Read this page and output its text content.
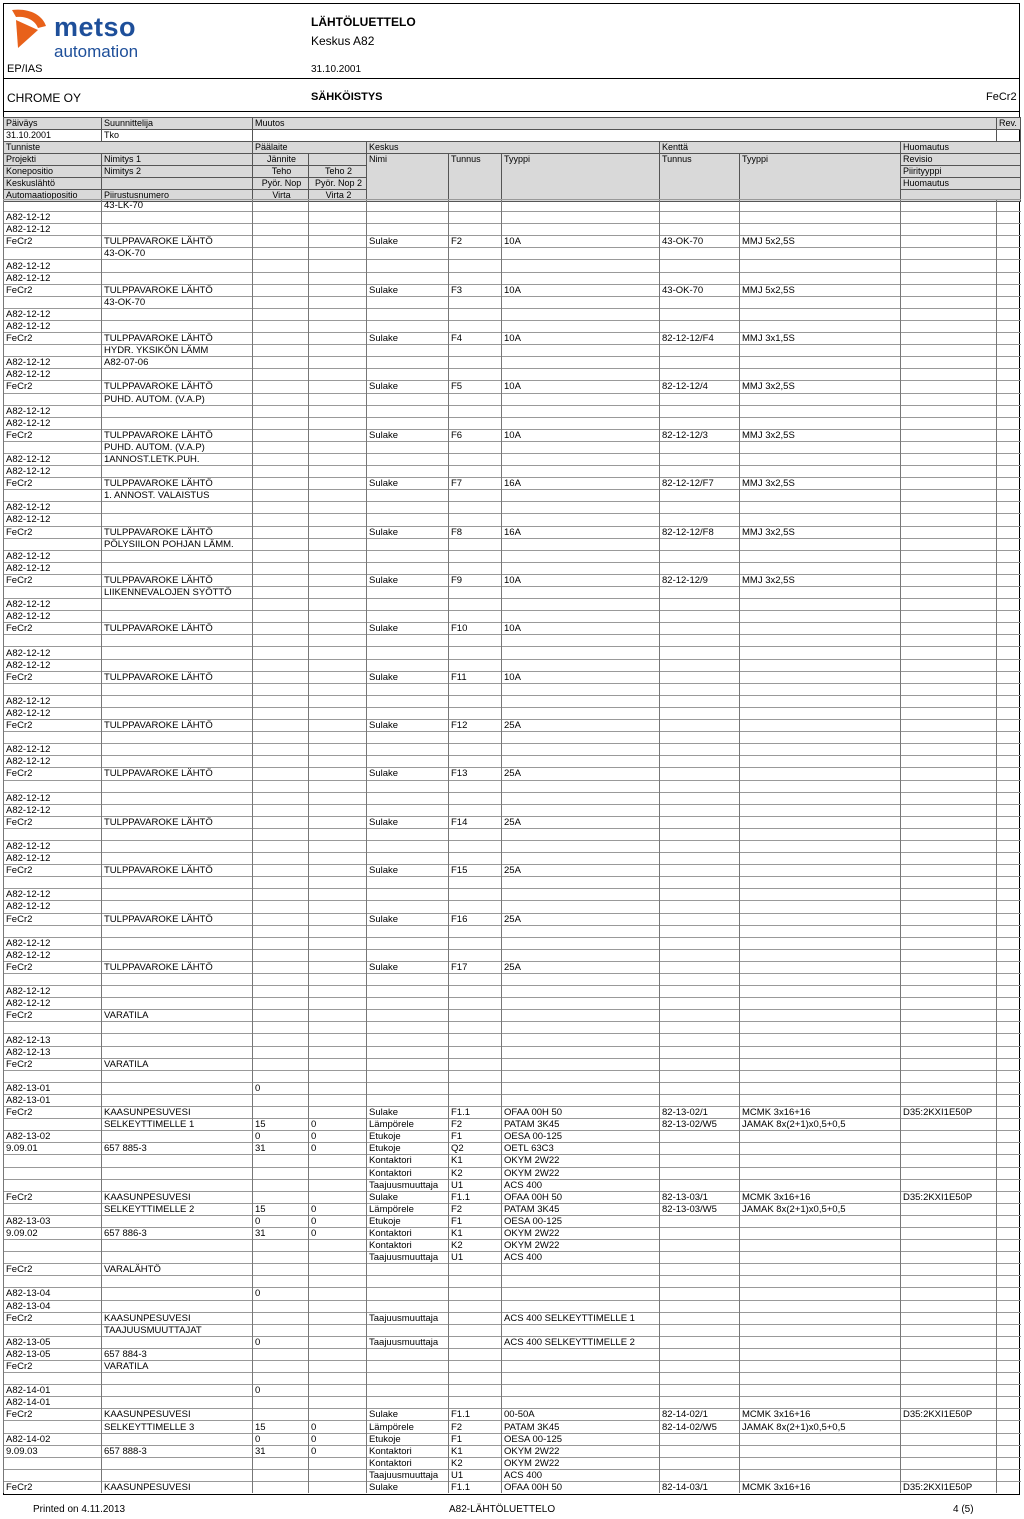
metso
automation
LÄHTÖLUETTELO
Keskus A82
EP/IAS	31.10.2001
CHROME OY	SÄHKÖISTYS	FeCr2
Päiväys	Suunnittelija	Muutos								Rev.
31.10.2001	Tko									
Tunniste		Päälaite		Keskus			Kenttä		Huomautus	
Projekti	Nimitys 1	Jännite		Nimi	Tunnus	Tyyppi	Tunnus	Tyyppi	Revisio	
Konepositio	Nimitys 2	Teho	Teho 2						Piirityyppi	
Keskuslähtö		Pyör. Nop	Pyör. Nop 2						Huomautus	
Automaatiopositio	Piirustusnumero	Virta	Virta 2							
	43-LK-70									
A82-12-12										
A82-12-12										
FeCr2	TULPPAVAROKE LÄHTÖ			Sulake	F2	10A	43-OK-70	MMJ 5x2,5S		
	43-OK-70									
A82-12-12										
A82-12-12										
FeCr2	TULPPAVAROKE LÄHTÖ			Sulake	F3	10A	43-OK-70	MMJ 5x2,5S		
	43-OK-70									
A82-12-12										
A82-12-12										
FeCr2	TULPPAVAROKE LÄHTÖ			Sulake	F4	10A	82-12-12/F4	MMJ 3x1,5S		
	HYDR. YKSIKÖN LÄMM									
A82-12-12	A82-07-06									
A82-12-12										
FeCr2	TULPPAVAROKE LÄHTÖ			Sulake	F5	10A	82-12-12/4	MMJ 3x2,5S		
	PUHD. AUTOM. (V.A.P)									
A82-12-12										
A82-12-12										
FeCr2	TULPPAVAROKE LÄHTÖ			Sulake	F6	10A	82-12-12/3	MMJ 3x2,5S		
	PUHD. AUTOM. (V.A.P)									
A82-12-12	1ANNOST.LETK.PUH.									
A82-12-12										
FeCr2	TULPPAVAROKE LÄHTÖ			Sulake	F7	16A	82-12-12/F7	MMJ 3x2,5S		
	1. ANNOST. VALAISTUS									
A82-12-12										
A82-12-12										
FeCr2	TULPPAVAROKE LÄHTÖ			Sulake	F8	16A	82-12-12/F8	MMJ 3x2,5S		
	PÖLYSIILON POHJAN LÄMM.									
A82-12-12										
A82-12-12										
FeCr2	TULPPAVAROKE LÄHTÖ			Sulake	F9	10A	82-12-12/9	MMJ 3x2,5S		
	LIIKENNEVALOJEN SYÖTTÖ									
A82-12-12										
A82-12-12										
FeCr2	TULPPAVAROKE LÄHTÖ			Sulake	F10	10A				

A82-12-12										
A82-12-12										
FeCr2	TULPPAVAROKE LÄHTÖ			Sulake	F11	10A				

A82-12-12										
A82-12-12										
FeCr2	TULPPAVAROKE LÄHTÖ			Sulake	F12	25A				

A82-12-12										
A82-12-12										
FeCr2	TULPPAVAROKE LÄHTÖ			Sulake	F13	25A				

A82-12-12										
A82-12-12										
FeCr2	TULPPAVAROKE LÄHTÖ			Sulake	F14	25A				

A82-12-12										
A82-12-12										
FeCr2	TULPPAVAROKE LÄHTÖ			Sulake	F15	25A				

A82-12-12										
A82-12-12										
FeCr2	TULPPAVAROKE LÄHTÖ			Sulake	F16	25A				

A82-12-12										
A82-12-12										
FeCr2	TULPPAVAROKE LÄHTÖ			Sulake	F17	25A				

A82-12-12										
A82-12-12										
FeCr2	VARATILA									

A82-12-13										
A82-12-13										
FeCr2	VARATILA									

A82-13-01		0								
A82-13-01										
FeCr2	KAASUNPESUVESI			Sulake	F1.1	OFAA 00H 50	82-13-02/1	MCMK 3x16+16	D35:2KXI1E50P	
	SELKEYTTIMELLE 1	15	0	Lämpörele	F2	PATAM 3K45	82-13-02/W5	JAMAK 8x(2+1)x0,5+0,5		
A82-13-02		0	0	Etukoje	F1	OESA 00-125				
9.09.01	657 885-3	31	0	Etukoje	Q2	OETL 63C3				
				Kontaktori	K1	OKYM 2W22				
				Kontaktori	K2	OKYM 2W22				
				Taajuusmuuttaja	U1	ACS 400				
FeCr2	KAASUNPESUVESI			Sulake	F1.1	OFAA 00H 50	82-13-03/1	MCMK 3x16+16	D35:2KXI1E50P	
	SELKEYTTIMELLE 2	15	0	Lämpörele	F2	PATAM 3K45	82-13-03/W5	JAMAK 8x(2+1)x0,5+0,5		
A82-13-03		0	0	Etukoje	F1	OESA 00-125				
9.09.02	657 886-3	31	0	Kontaktori	K1	OKYM 2W22				
				Kontaktori	K2	OKYM 2W22				
				Taajuusmuuttaja	U1	ACS 400				
FeCr2	VARALÄHTÖ									

A82-13-04		0								
A82-13-04										
FeCr2	KAASUNPESUVESI			Taajuusmuuttaja		ACS 400 SELKEYTTIMELLE 1				
	TAAJUUSMUUTTAJAT									
A82-13-05		0		Taajuusmuuttaja		ACS 400 SELKEYTTIMELLE 2				
A82-13-05	657 884-3									
FeCr2	VARATILA									

A82-14-01		0								
A82-14-01										
FeCr2	KAASUNPESUVESI			Sulake	F1.1	00-50A	82-14-02/1	MCMK 3x16+16	D35:2KXI1E50P	
	SELKEYTTIMELLE 3	15	0	Lämpörele	F2	PATAM 3K45	82-14-02/W5	JAMAK 8x(2+1)x0,5+0,5		
A82-14-02		0	0	Etukoje	F1	OESA 00-125				
9.09.03	657 888-3	31	0	Kontaktori	K1	OKYM 2W22				
				Kontaktori	K2	OKYM 2W22				
				Taajuusmuuttaja	U1	ACS 400				
FeCr2	KAASUNPESUVESI			Sulake	F1.1	OFAA 00H 50	82-14-03/1	MCMK 3x16+16	D35:2KXI1E50P	
Printed on 4.11.2013	A82-LÄHTÖLUETTELO	4 (5)
